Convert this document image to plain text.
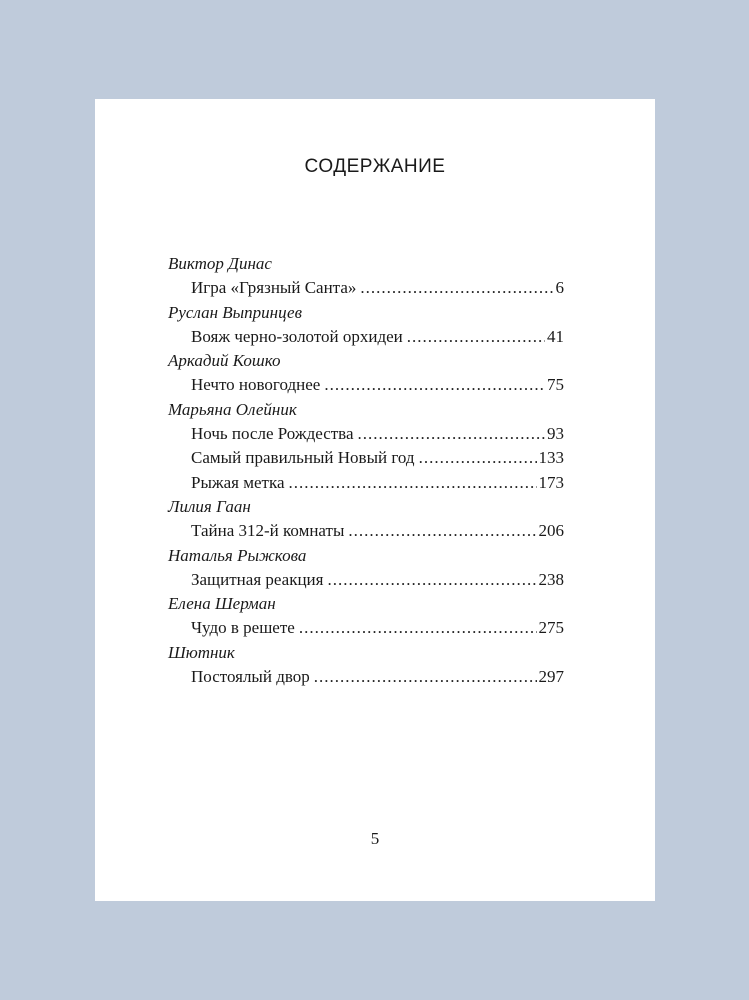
СОДЕРЖАНИЕ
Виктор Динас
Игра «Грязный Санта» .....	6
Руслан Выпринцев
Вояж черно-золотой орхидеи .....	41
Аркадий Кошко
Нечто новогоднее .....	75
Марьяна Олейник
Ночь после Рождества .....	93
Самый правильный Новый год .....	133
Рыжая метка .....	173
Лилия Гаан
Тайна 312-й комнаты .....	206
Наталья Рыжкова
Защитная реакция .....	238
Елена Шерман
Чудо в решете .....	275
Шютник
Постоялый двор .....	297
5
